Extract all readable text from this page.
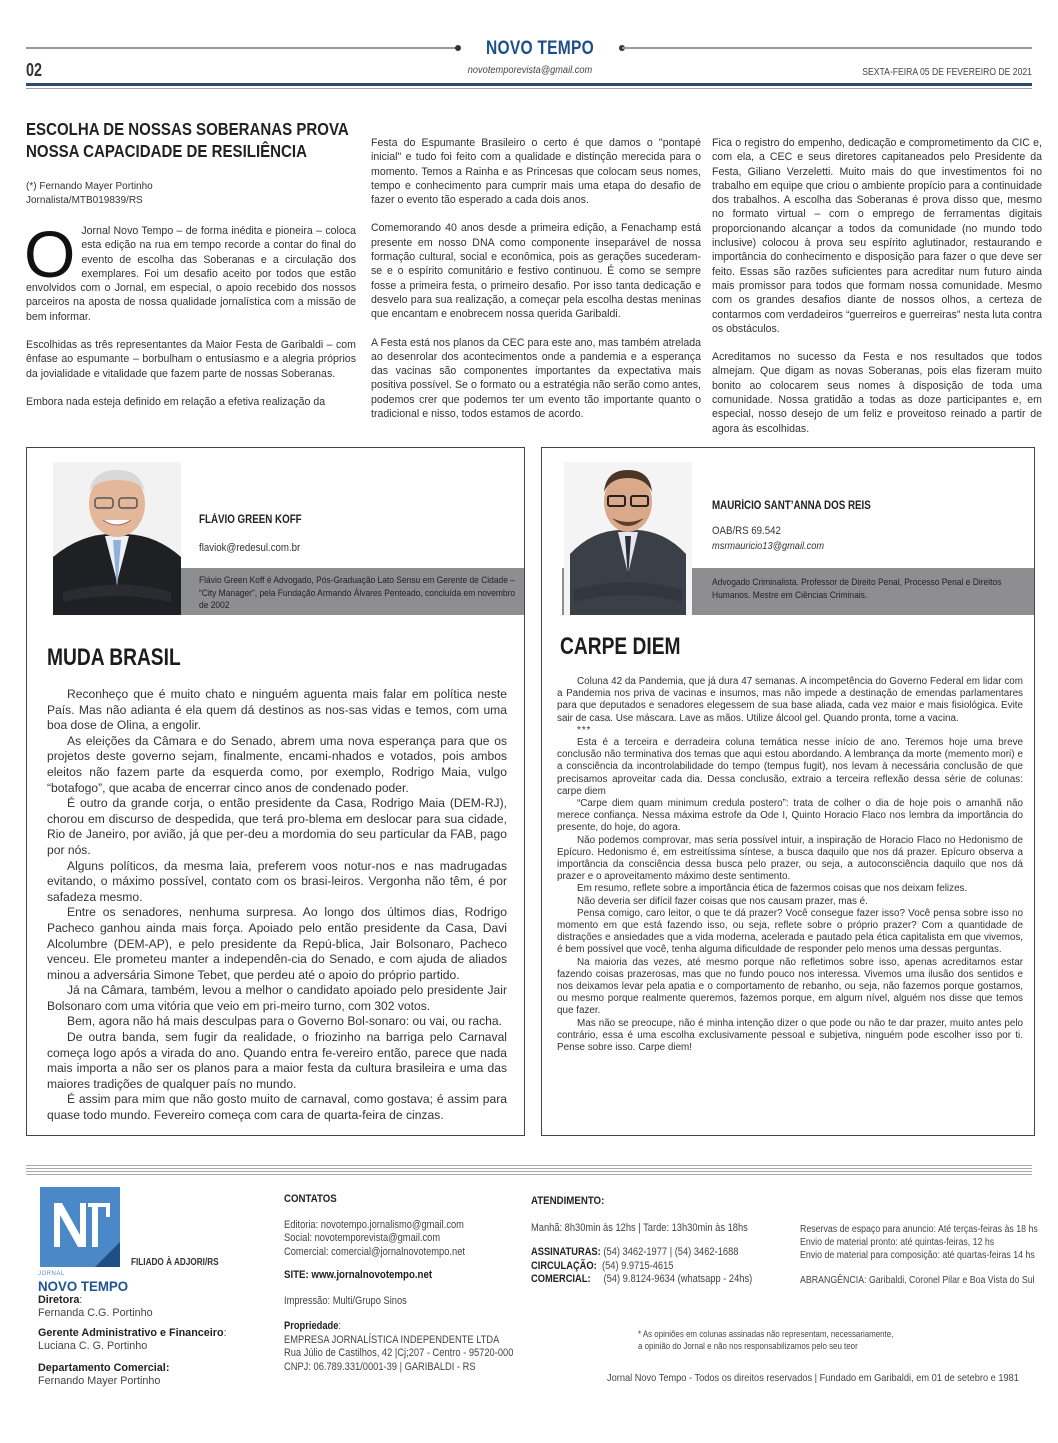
NOVO TEMPO
02	novotemporevista@gmail.com	SEXTA-FEIRA 05 DE FEVEREIRO DE 2021
ESCOLHA DE NOSSAS SOBERANAS PROVA
NOSSA CAPACIDADE DE RESILIÊNCIA
(*) Fernando Mayer Portinho
Jornalista/MTB019839/RS

O Jornal Novo Tempo – de forma inédita e pioneira – coloca esta edição na rua em tempo recorde a contar do final do evento de escolha das Soberanas e a circulação dos exemplares. Foi um desafio aceito por todos que estão envolvidos com o Jornal, em especial, o apoio recebido dos nossos parceiros na aposta de nossa qualidade jornalística com a missão de bem informar.

Escolhidas as três representantes da Maior Festa de Garibaldi – com ênfase ao espumante – borbulham o entusiasmo e a alegria próprios da jovialidade e vitalidade que fazem parte de nossas Soberanas.

Embora nada esteja definido em relação a efetiva realização da

Festa do Espumante Brasileiro o certo é que damos o "pontapé inicial" e tudo foi feito com a qualidade e distinção merecida para o momento. Temos a Rainha e as Princesas que colocam seus nomes, tempo e conhecimento para cumprir mais uma etapa do desafio de fazer o evento tão esperado a cada dois anos.

Comemorando 40 anos desde a primeira edição, a Fenachamp está presente em nosso DNA como componente inseparável de nossa formação cultural, social e econômica, pois as gerações sucederam-se e o espírito comunitário e festivo continuou. É como se sempre fosse a primeira festa, o primeiro desafio. Por isso tanta dedicação e desvelo para sua realização, a começar pela escolha destas meninas que encantam e enobrecem nossa querida Garibaldi.

A Festa está nos planos da CEC para este ano, mas também atrelada ao desenrolar dos acontecimentos onde a pandemia e a esperança das vacinas são componentes importantes da expectativa mais positiva possível. Se o formato ou a estratégia não serão como antes, podemos crer que podemos ter um evento tão importante quanto o tradicional e nisso, todos estamos de acordo.

Fica o registro do empenho, dedicação e comprometimento da CIC e, com ela, a CEC e seus diretores capitaneados pelo Presidente da Festa, Giliano Verzeletti. Muito mais do que investimentos foi no trabalho em equipe que criou o ambiente propício para a continuidade dos trabalhos. A escolha das Soberanas é prova disso que, mesmo no formato virtual – com o emprego de ferramentas digitais proporcionando alcançar a todos da comunidade (no mundo todo inclusive) colocou à prova seu espírito aglutinador, restaurando e importância do conhecimento e disposição para fazer o que deve ser feito. Essas são razões suficientes para acreditar num futuro ainda mais promissor para todos que formam nossa comunidade. Mesmo com os grandes desafios diante de nossos olhos, a certeza de contarmos com verdadeiros “guerreiros e guerreiras” nesta luta contra os obstáculos.

Acreditamos no sucesso da Festa e nos resultados que todos almejam. Que digam as novas Soberanas, pois elas fizeram muito bonito ao colocarem seus nomes à disposição de toda uma comunidade. Nossa gratidão a todas as doze participantes e, em especial, nosso desejo de um feliz e proveitoso reinado a partir de agora às escolhidas.

FLÁVIO GREEN KOFF
flaviok@redesul.com.br
Flávio Green Koff é Advogado, Pós-Graduação Lato Sensu em Gerente de Cidade – “City Manager”, pela Fundação Armando Álvares Penteado, concluída em novembro de 2002
MUDA BRASIL

Reconheço que é muito chato e ninguém aguenta mais falar em política neste País. Mas não adianta é ela quem dá destinos as nos-sas vidas e temos, com uma boa dose de Olina, a engolir.

As eleições da Câmara e do Senado, abrem uma nova esperança para que os projetos deste governo sejam, finalmente, encami-nhados e votados, pois ambos eleitos não fazem parte da esquerda como, por exemplo, Rodrigo Maia, vulgo “botafogo”, que acaba de encerrar cinco anos de condenado poder.

É outro da grande corja, o então presidente da Casa, Rodrigo Maia (DEM-RJ), chorou em discurso de despedida, que terá pro-blema em deslocar para sua cidade, Rio de Janeiro, por avião, já que per-deu a mordomia do seu particular da FAB, pago por nós.

Alguns políticos, da mesma laia, preferem voos notur-nos e nas madrugadas evitando, o máximo possível, contato com os brasi-leiros. Vergonha não têm, é por safadeza mesmo.

Entre os senadores, nenhuma surpresa. Ao longo dos últimos dias, Rodrigo Pacheco ganhou ainda mais força. Apoiado pelo então presidente da Casa, Davi Alcolumbre (DEM-AP), e pelo presidente da Repú-blica, Jair Bolsonaro, Pacheco venceu. Ele prometeu manter a independên-cia do Senado, e com ajuda de aliados minou a adversária Simone Tebet, que perdeu até o apoio do próprio partido.

Já na Câmara, também, levou a melhor o candidato apoiado pelo presidente Jair Bolsonaro com uma vitória que veio em pri-meiro turno, com 302 votos.

Bem, agora não há mais desculpas para o Governo Bol-sonaro: ou vai, ou racha.

De outra banda, sem fugir da realidade, o friozinho na barriga pelo Carnaval começa logo após a virada do ano. Quando entra fe-vereiro então, parece que nada mais importa a não ser os planos para a maior festa da cultura brasileira e uma das maiores tradições de qualquer país no mundo.

É assim para mim que não gosto muito de carnaval, como gostava; é assim para quase todo mundo. Fevereiro começa com cara de quarta-feira de cinzas.

MAURÍCIO SANT’ANNA DOS REIS
OAB/RS 69.542
msrmauricio13@gmail.com
Advogado Criminalista. Professor de Direito Penal, Processo Penal e Direitos Humanos. Mestre em Ciências Criminais.
CARPE DIEM

Coluna 42 da Pandemia, que já dura 47 semanas. A incompetência do Governo Federal em lidar com a Pandemia nos priva de vacinas e insumos, mas não impede a destinação de emendas parlamentares para que deputados e senadores elegessem de sua base aliada, cada vez maior e mais fisiológica. Evite sair de casa. Use máscara. Lave as mãos. Utilize álcool gel. Quando pronta, tome a vacina.

***

Esta é a terceira e derradeira coluna temática nesse início de ano. Teremos hoje uma breve conclusão não terminativa dos temas que aqui estou abordando. A lembrança da morte (memento mori) e a consciência da incontrolabilidade do tempo (tempus fugit), nos levam à necessária conclusão de que precisamos aproveitar cada dia. Dessa conclusão, extraio a terceira reflexão dessa série de colunas: carpe diem

“Carpe diem quam minimum credula postero”: trata de colher o dia de hoje pois o amanhã não merece confiança. Nessa máxima estrofe da Ode I, Quinto Horacio Flaco nos lembra da importância do presente, do hoje, do agora.

Não podemos comprovar, mas seria possível intuir, a inspiração de Horacio Flaco no Hedonismo de Epícuro. Hedonismo é, em estreitíssima síntese, a busca daquilo que nos dá prazer. Epícuro observa a importância da consciência dessa busca pelo prazer, ou seja, a autoconsciência daquilo que nos dá prazer e o aproveitamento máximo deste sentimento.

Em resumo, reflete sobre a importância ética de fazermos coisas que nos deixam felizes.

Não deveria ser difícil fazer coisas que nos causam prazer, mas é.

Pensa comigo, caro leitor, o que te dá prazer? Você consegue fazer isso? Você pensa sobre isso no momento em que está fazendo isso, ou seja, reflete sobre o próprio prazer? Com a quantidade de distrações e ansiedades que a vida moderna, acelerada e pautado pela ética capitalista em que vivemos, é bem possível que você, tenha alguma dificuldade de responder pelo menos uma dessas perguntas.

Na maioria das vezes, até mesmo porque não refletimos sobre isso, apenas acreditamos estar fazendo coisas prazerosas, mas que no fundo pouco nos interessa. Vivemos uma ilusão dos sentidos e nos deixamos levar pela apatia e o comportamento de rebanho, ou seja, não fazemos porque gostamos, ou mesmo porque realmente queremos, fazemos porque, em algum nível, alguém nos disse que temos que fazer.

Mas não se preocupe, não é minha intenção dizer o que pode ou não te dar prazer, muito antes pelo contrário, essa é uma escolha exclusivamente pessoal e subjetiva, ninguém pode escolher isso por ti. Pense sobre isso. Carpe diem!

JORNAL
NOVO TEMPO
FILIADO À ADJORI/RS
Diretora:
Fernanda C.G. Portinho
Gerente Administrativo e Financeiro:
Luciana C. G. Portinho
Departamento Comercial:
Fernando Mayer Portinho
CONTATOS
Editoria: novotempo.jornalismo@gmail.com
Social: novotemporevista@gmail.com
Comercial: comercial@jornalnovotempo.net
SITE: www.jornalnovotempo.net
Impressão: Multi/Grupo Sinos
Propriedade:
EMPRESA JORNALÍSTICA INDEPENDENTE LTDA
Rua Júlio de Castilhos, 42 |Cj;207 - Centro - 95720-000
CNPJ: 06.789.331/0001-39 | GARIBALDI - RS
ATENDIMENTO:
Manhã: 8h30min às 12hs | Tarde: 13h30min às 18hs
ASSINATURAS: (54) 3462-1977 | (54) 3462-1688
CIRCULAÇÃO: (54) 9.9715-4615
COMERCIAL: (54) 9.8124-9634 (whatsapp - 24hs)
Reservas de espaço para anuncio: Até terças-feiras às 18 hs
Envio de material pronto: até quintas-feiras, 12 hs
Envio de material para composição: até quartas-feiras 14 hs
ABRANGÊNCIA: Garibaldi, Coronel Pilar e Boa Vista do Sul
* As opiniões em colunas assinadas não representam, necessariamente,
a opinião do Jornal e não nos responsabilizamos pelo seu teor
Jornal Novo Tempo - Todos os direitos reservados | Fundado em Garibaldi, em 01 de setebro e 1981
